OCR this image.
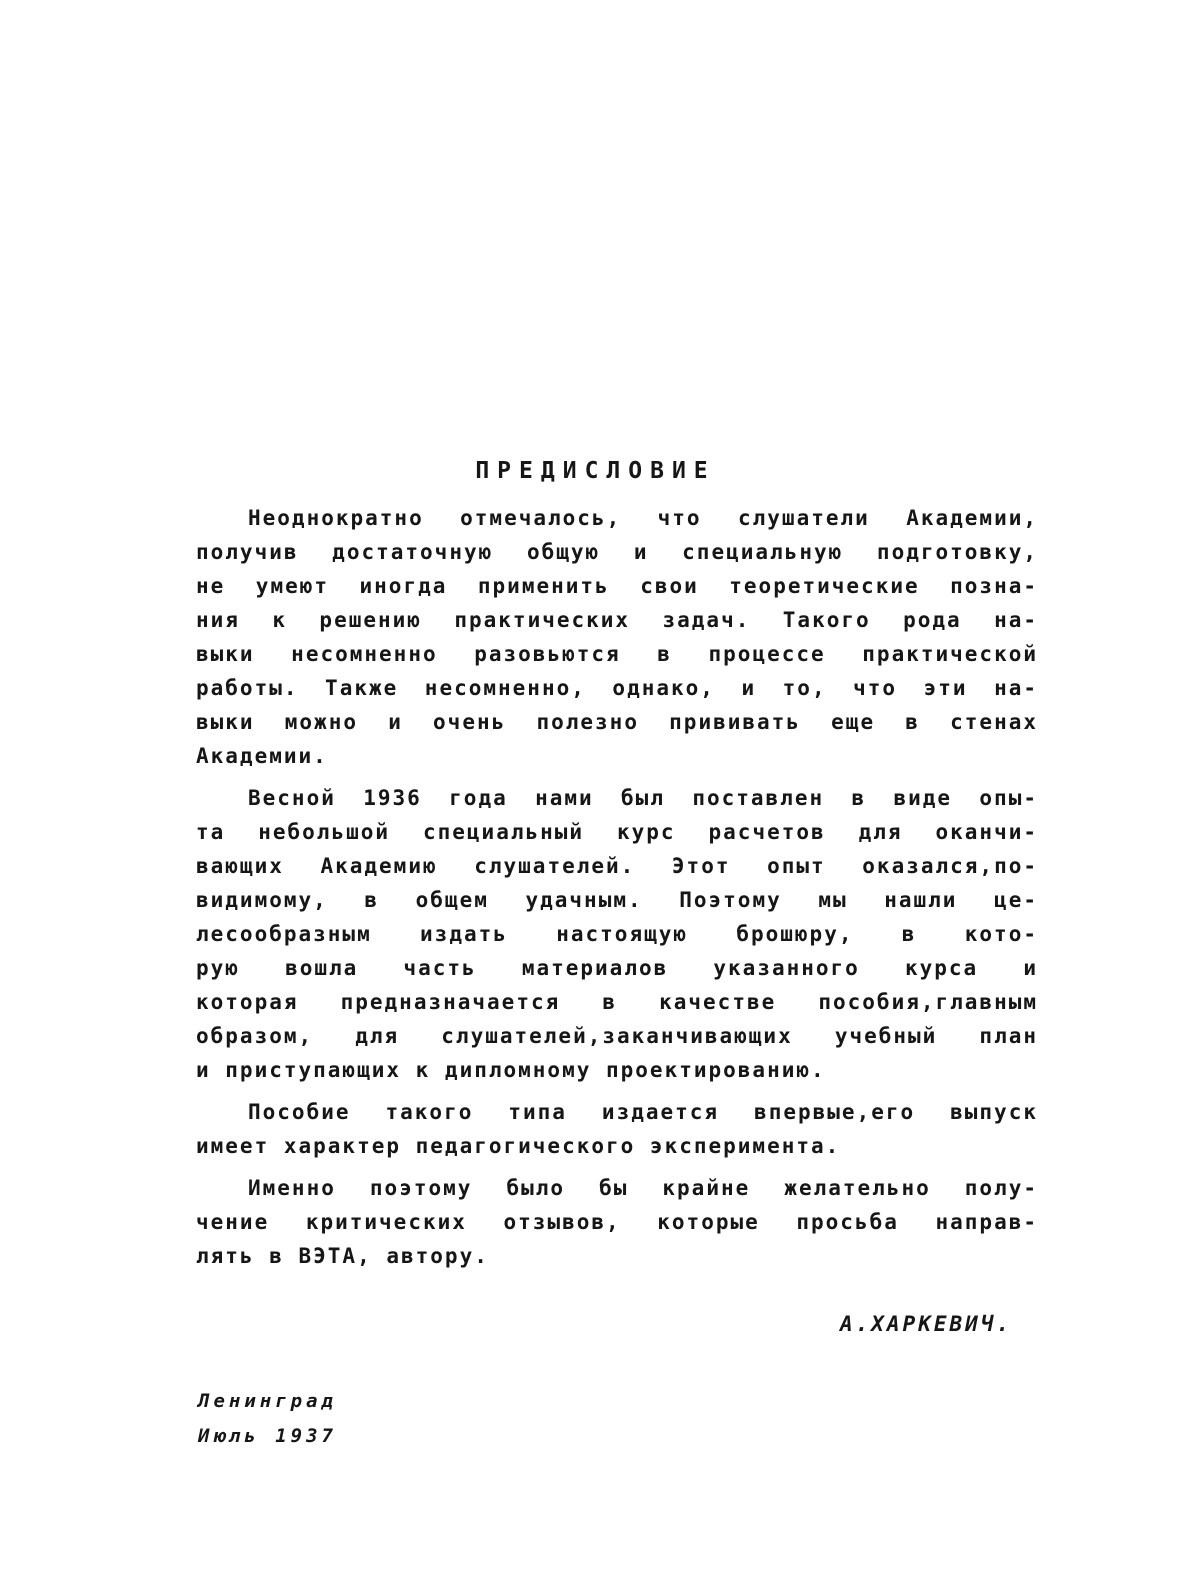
ПРЕДИСЛОВИЕ
Неоднократно отмечалось, что слушатели Академии,
получив достаточную общую и специальную подготовку,
не умеют иногда применить свои теоретические позна-
ния к решению практических задач. Такого рода на-
выки несомненно разовьются в процессе практической
работы. Также несомненно, однако, и то, что эти на-
выки можно и очень полезно прививать еще в стенах
Академии.
Весной 1936 года нами был поставлен в виде опы-
та небольшой специальный курс расчетов для оканчи-
вающих Академию слушателей. Этот опыт оказался,по-
видимому, в общем удачным. Поэтому мы нашли це-
лесообразным издать настоящую брошюру, в кото-
рую вошла часть материалов указанного курса и
которая предназначается в качестве пособия,главным
образом, для слушателей,заканчивающих учебный план
и приступающих к дипломному проектированию.
Пособие такого типа издается впервые,его выпуск
имеет характер педагогического эксперимента.
Именно поэтому было бы крайне желательно полу-
чение критических отзывов, которые просьба направ-
лять в ВЭТА, автору.
А.ХАРКЕВИЧ.
Ленинград
Июль 1937
